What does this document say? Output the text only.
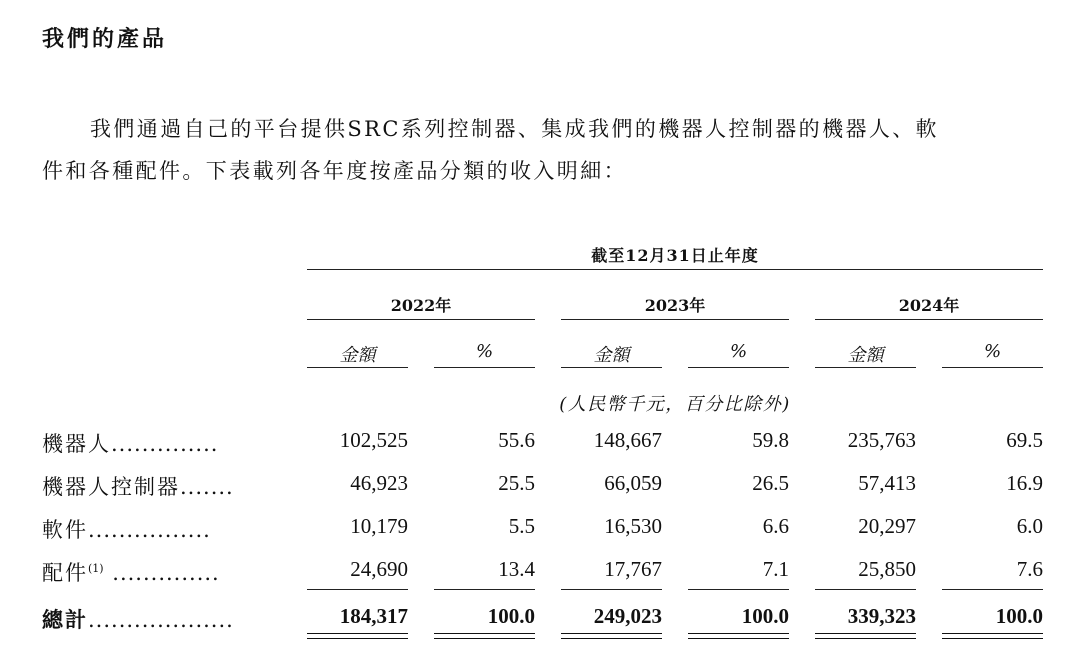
我們的產品
我們通過自己的平台提供SRC系列控制器、集成我們的機器人控制器的機器人、軟
件和各種配件。下表載列各年度按產品分類的收入明細：
截至12月31日止年度
2022年	2023年	2024年
金額	%	金額	%	金額	%
(人民幣千元，百分比除外)
機器人..............	102,525	55.6	148,667	59.8	235,763	69.5
機器人控制器.......	46,923	25.5	66,059	26.5	57,413	16.9
軟件................	10,179	5.5	16,530	6.6	20,297	6.0
配件$^{(1)}$ ..............	24,690	13.4	17,767	7.1	25,850	7.6
總計...................	184,317	100.0	249,023	100.0	339,323	100.0
